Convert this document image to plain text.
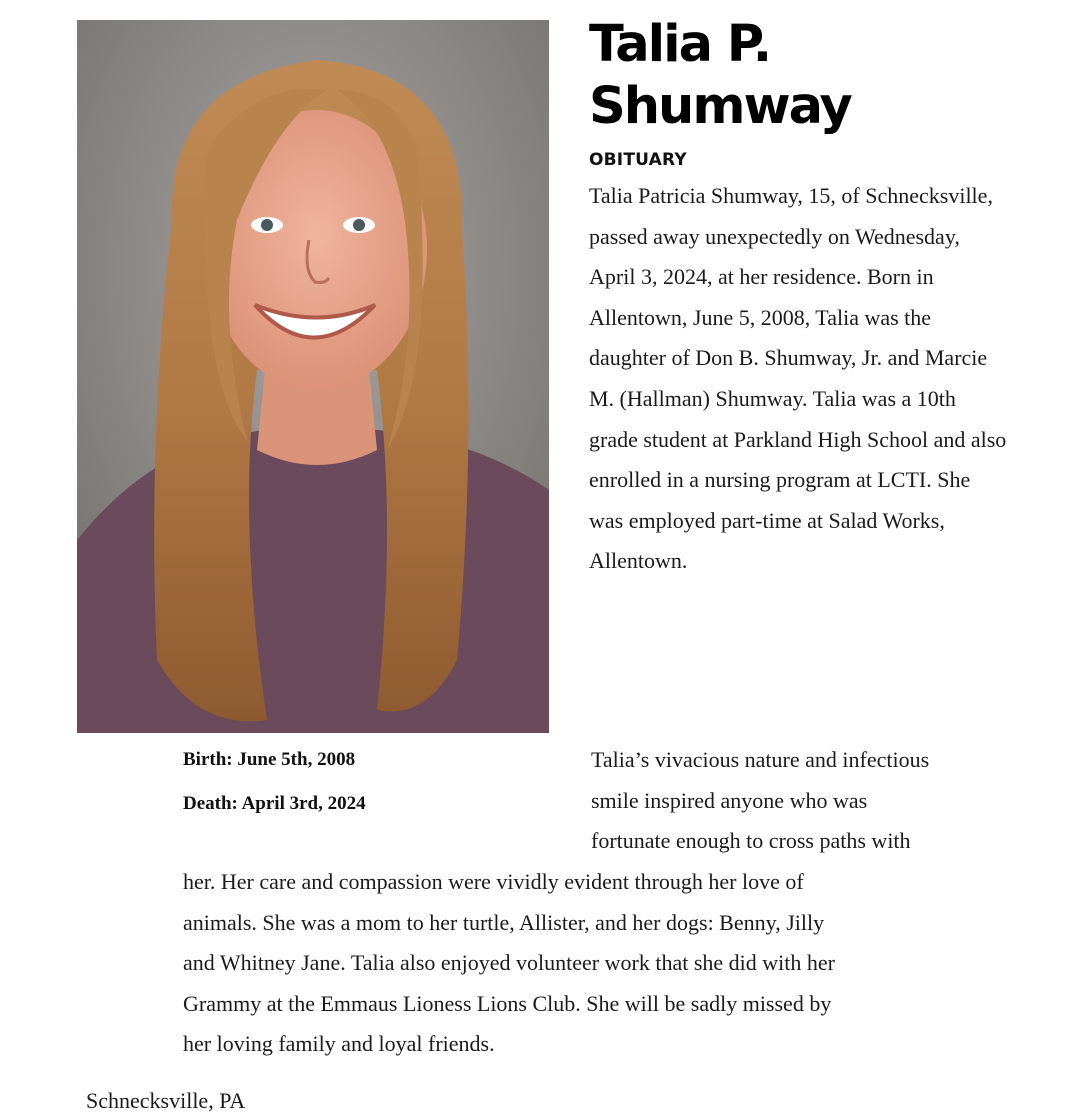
Talia P.
Shumway

OBITUARY

Talia Patricia Shumway, 15, of Schnecksville, passed away unexpectedly on Wednesday, April 3, 2024, at her residence. Born in Allentown, June 5, 2008, Talia was the daughter of Don B. Shumway, Jr. and Marcie M. (Hallman) Shumway. Talia was a 10th grade student at Parkland High School and also enrolled in a nursing program at LCTI. She was employed part-time at Salad Works, Allentown.

Birth: June 5th, 2008

Death: April 3rd, 2024

Talia’s vivacious nature and infectious
smile inspired anyone who was
fortunate enough to cross paths with

her. Her care and compassion were vividly evident through her love of
animals. She was a mom to her turtle, Allister, and her dogs: Benny, Jilly
and Whitney Jane. Talia also enjoyed volunteer work that she did with her
Grammy at the Emmaus Lioness Lions Club. She will be sadly missed by
her loving family and loyal friends.

Schnecksville, PA
